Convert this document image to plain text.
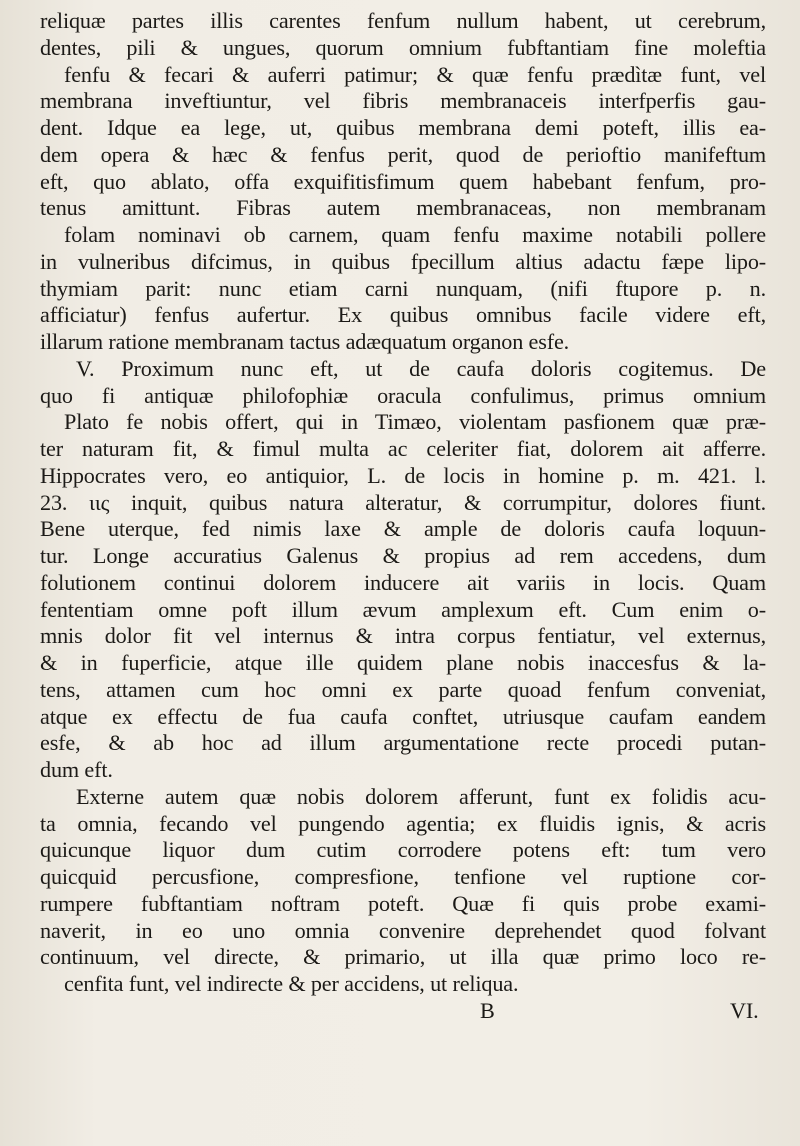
reliquæ partes illis carentes fenfum nullum habent, ut cerebrum,
dentes, pili & ungues, quorum omnium fubftantiam fine moleftia
fenfu & fecari & auferri patimur; & quæ fenfu prædìtæ funt, vel
membrana inveftiuntur, vel fibris membranaceis interfperfis gau-
dent. Idque ea lege, ut, quibus membrana demi poteft, illis ea-
dem opera & hæc & fenfus perit, quod de perioftio manifeftum
eft, quo ablato, offa exquifitisfimum quem habebant fenfum, pro-
tenus amittunt. Fibras autem membranaceas, non membranam
folam nominavi ob carnem, quam fenfu maxime notabili pollere
in vulneribus difcimus, in quibus fpecillum altius adactu fæpe lipo-
thymiam parit: nunc etiam carni nunquam, (nifi ftupore p. n.
afficiatur) fenfus aufertur. Ex quibus omnibus facile videre eft,
illarum ratione membranam tactus adæquatum organon esfe.
V. Proximum nunc eft, ut de caufa doloris cogitemus. De
quo fi antiquæ philofophiæ oracula confulimus, primus omnium
Plato fe nobis offert, qui in Timæo, violentam pasfionem quæ præ-
ter naturam fit, & fimul multa ac celeriter fiat, dolorem ait afferre.
Hippocrates vero, eo antiquior, L. de locis in homine p. m. 421. l.
23. ιις inquit, quibus natura alteratur, & corrumpitur, dolores fiunt.
Bene uterque, fed nimis laxe & ample de doloris caufa loquun-
tur. Longe accuratius Galenus & propius ad rem accedens, dum
folutionem continui dolorem inducere ait variis in locis. Quam
fententiam omne poft illum ævum amplexum eft. Cum enim o-
mnis dolor fit vel internus & intra corpus fentiatur, vel externus,
& in fuperficie, atque ille quidem plane nobis inaccesfus & la-
tens, attamen cum hoc omni ex parte quoad fenfum conveniat,
atque ex effectu de fua caufa conftet, utriusque caufam eandem
esfe, & ab hoc ad illum argumentatione recte procedi putan-
dum eft.
Externe autem quæ nobis dolorem afferunt, funt ex folidis acu-
ta omnia, fecando vel pungendo agentia; ex fluidis ignis, & acris
quicunque liquor dum cutim corrodere potens eft: tum vero
quicquid percusfione, compresfione, tenfione vel ruptione cor-
rumpere fubftantiam noftram poteft. Quæ fi quis probe exami-
naverit, in eo uno omnia convenire deprehendet quod folvant
continuum, vel directe, & primario, ut illa quæ primo loco re-
cenfita funt, vel indirecte & per accidens, ut reliqua.
B	VI.
